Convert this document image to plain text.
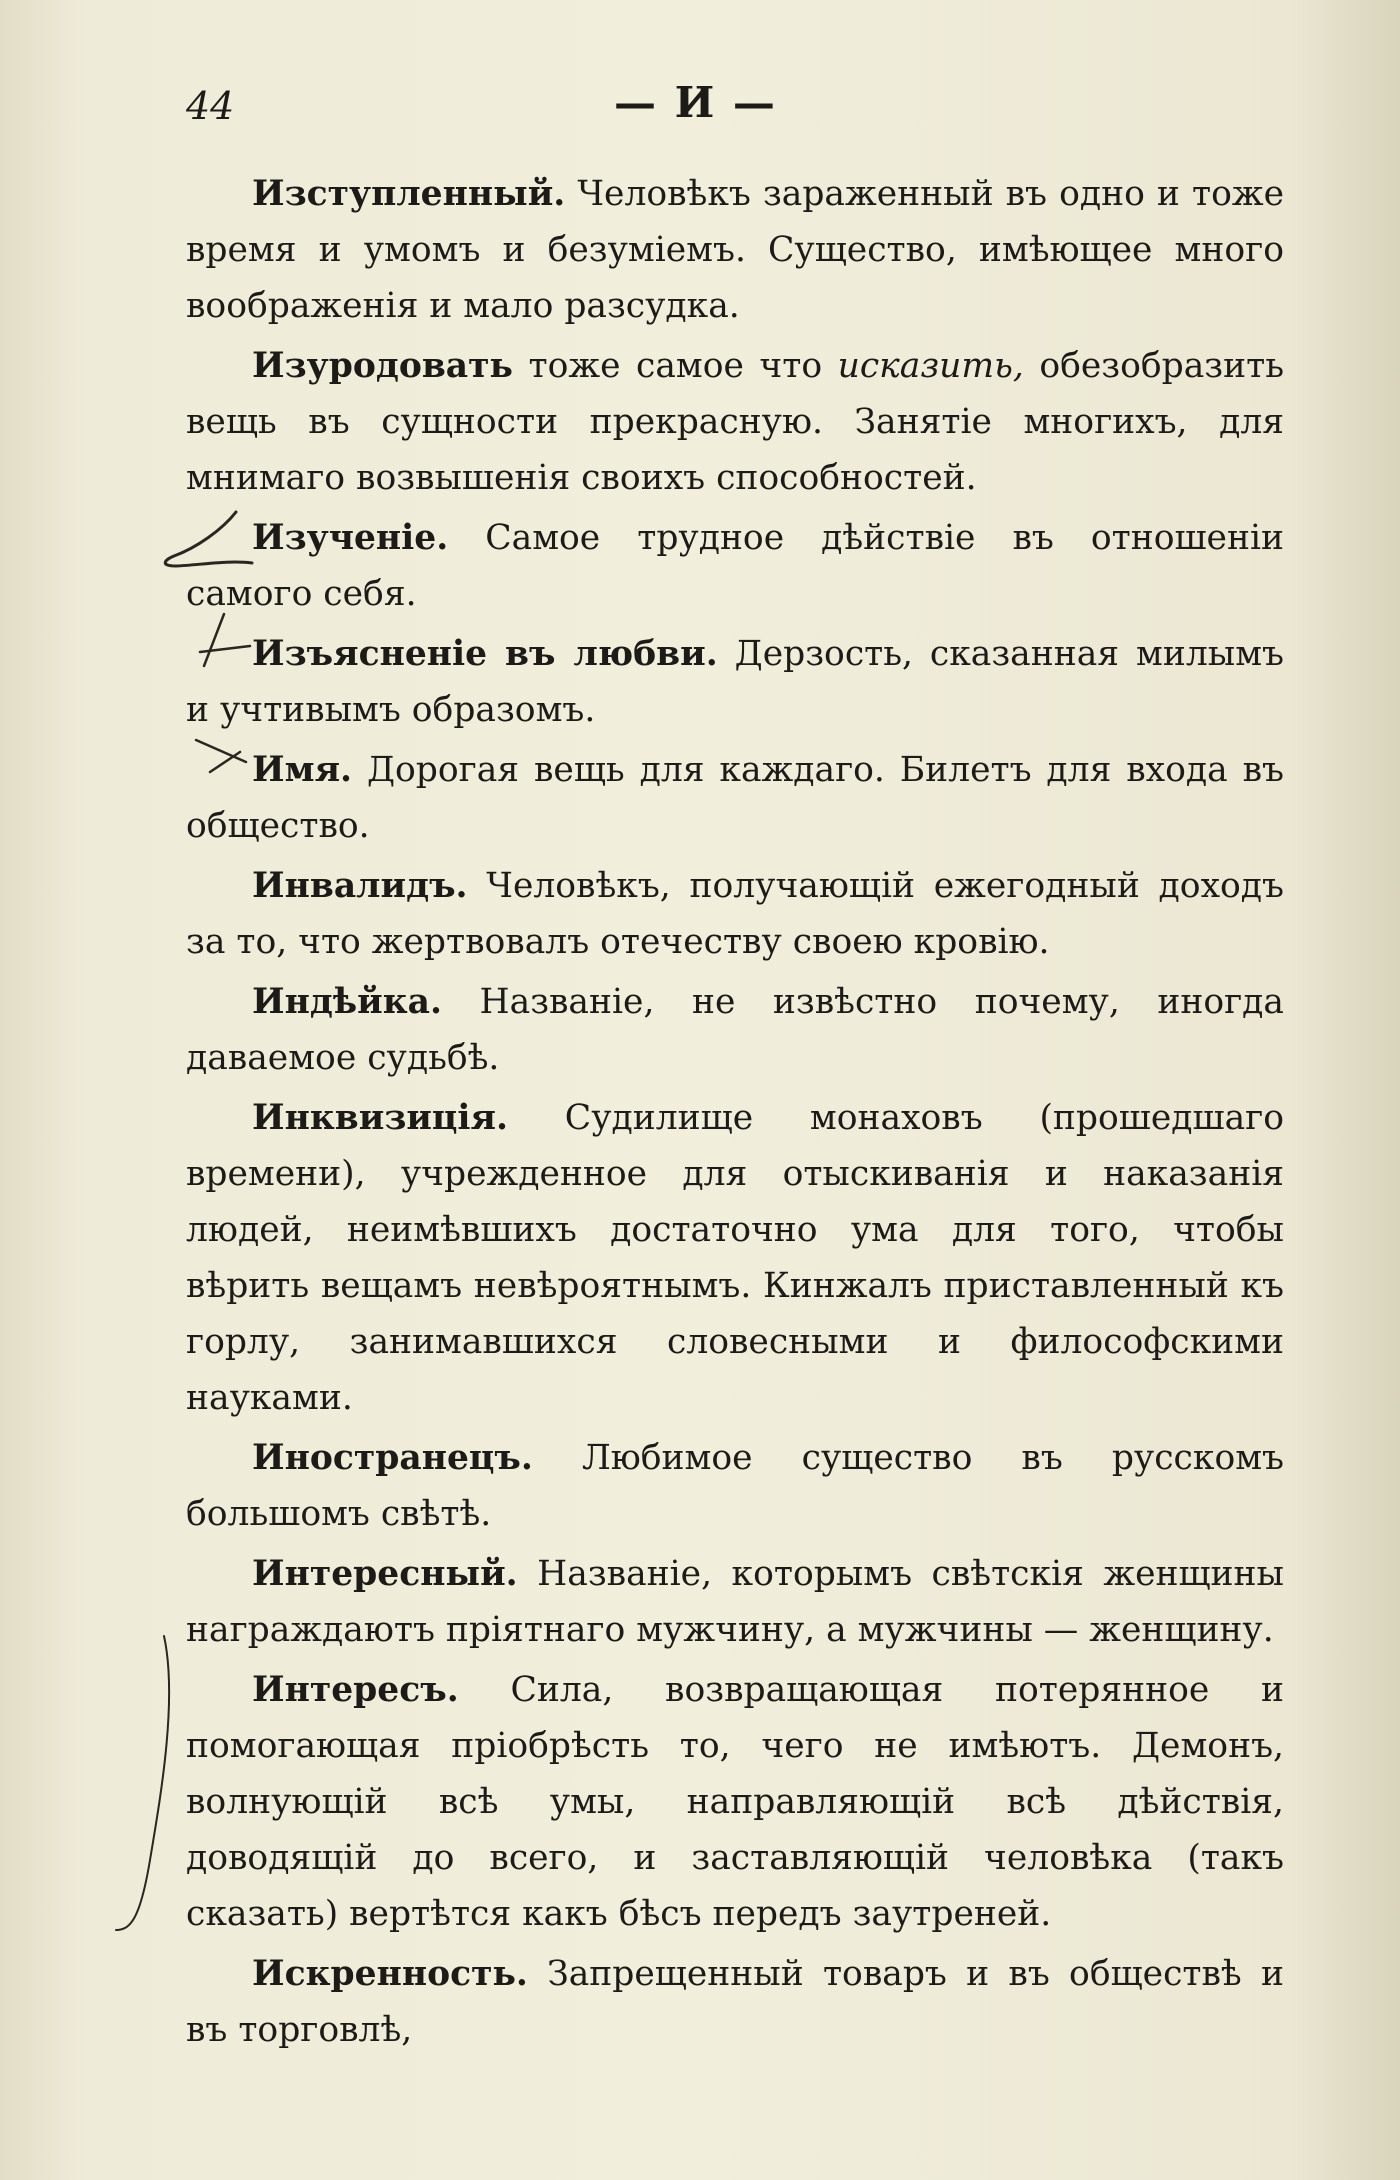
44	— И —

Изступленный. Человѣкъ зараженный въ одно и тоже время и умомъ и безуміемъ. Существо, имѣющее много воображенія и мало разсудка.

Изуродовать тоже самое что исказить, обезобразить вещь въ сущности прекрасную. Занятіе многихъ, для мнимаго возвышенія своихъ способностей.

Изученіе. Самое трудное дѣйствіе въ отношеніи самого себя.

Изъясненіе въ любви. Дерзость, сказанная милымъ и учтивымъ образомъ.

Имя. Дорогая вещь для каждаго. Билетъ для входа въ общество.

Инвалидъ. Человѣкъ, получающій ежегодный доходъ за то, что жертвовалъ отечеству своею кровію.

Индѣйка. Названіе, не извѣстно почему, иногда даваемое судьбѣ.

Инквизиція. Судилище монаховъ (прошедшаго времени), учрежденное для отыскиванія и наказанія людей, неимѣвшихъ достаточно ума для того, чтобы вѣрить вещамъ невѣроятнымъ. Кинжалъ приставленный къ горлу, занимавшихся словесными и философскими науками.

Иностранецъ. Любимое существо въ русскомъ большомъ свѣтѣ.

Интересный. Названіе, которымъ свѣтскія женщины награждаютъ пріятнаго мужчину, а мужчины — женщину.

Интересъ. Сила, возвращающая потерянное и помогающая пріобрѣсть то, чего не имѣютъ. Демонъ, волнующій всѣ умы, направляющій всѣ дѣйствія, доводящій до всего, и заставляющій человѣка (такъ сказать) вертѣтся какъ бѣсъ передъ заутреней.

Искренность. Запрещенный товаръ и въ обществѣ и въ торговлѣ,
